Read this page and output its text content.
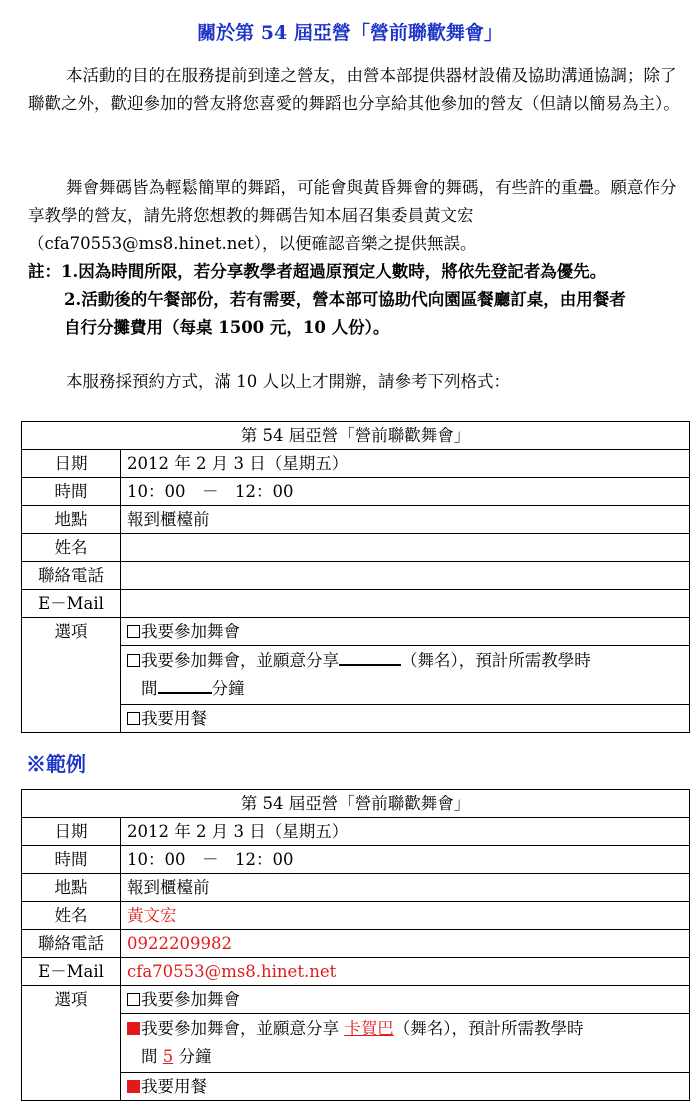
關於第 54 屆亞營「營前聯歡舞會」
本活動的目的在服務提前到達之營友，由營本部提供器材設備及協助溝通協調；除了聯歡之外，歡迎參加的營友將您喜愛的舞蹈也分享給其他參加的營友（但請以簡易為主）。
舞會舞碼皆為輕鬆簡單的舞蹈，可能會與黃昏舞會的舞碼，有些許的重疊。願意作分享教學的營友，請先將您想教的舞碼告知本屆召集委員黃文宏（cfa70553@ms8.hinet.net），以便確認音樂之提供無誤。
註：1.因為時間所限，若分享教學者超過原預定人數時，將依先登記者為優先。
2.活動後的午餐部份，若有需要，營本部可協助代向園區餐廳訂桌，由用餐者
自行分攤費用（每桌 1500 元，10 人份）。
本服務採預約方式，滿 10 人以上才開辦，請參考下列格式：
第 54 屆亞營「營前聯歡舞會」	
日期	2012 年 2 月 3 日（星期五）
時間	10：00　－　12：00
地點	報到櫃檯前
姓名	
聯絡電話	
E－Mail	
選項	我要參加舞會
	我要參加舞會，並願意分享 （舞名），預計所需教學時
間 分鐘
	我要用餐
※範例
第 54 屆亞營「營前聯歡舞會」	
日期	2012 年 2 月 3 日（星期五）
時間	10：00　－　12：00
地點	報到櫃檯前
姓名	黃文宏
聯絡電話	0922209982
E－Mail	cfa70553@ms8.hinet.net
選項	我要參加舞會
	我要參加舞會，並願意分享 卡賀巴（舞名），預計所需教學時
間 5 分鐘
	我要用餐
